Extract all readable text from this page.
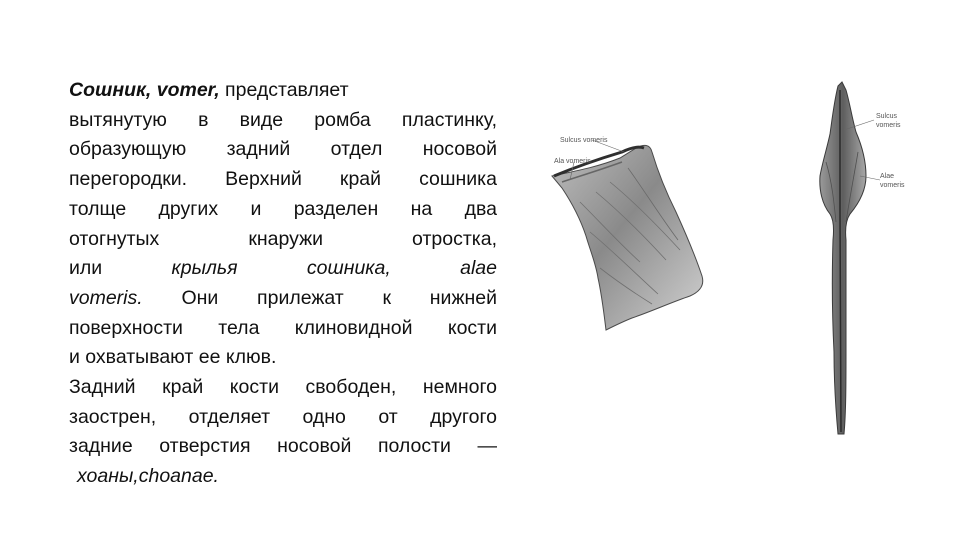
Сошник, vomer, представляет
вытянутую в виде ромба пластинку,
образующую задний отдел носовой
перегородки. Верхний край сошника
толще других и разделен на два
отогнутых кнаружи отростка,
или крылья сошника, alae
vomeris. Они прилежат к нижней
поверхности тела клиновидной кости
и охватывают ее клюв.
Задний край кости свободен, немного
заострен, отделяет одно от другого
задние отверстия носовой полости —
хоаны,choanae.
Sulcus vomeris
Ala vomeris
Sulcus
vomeris
Alae
vomeris
